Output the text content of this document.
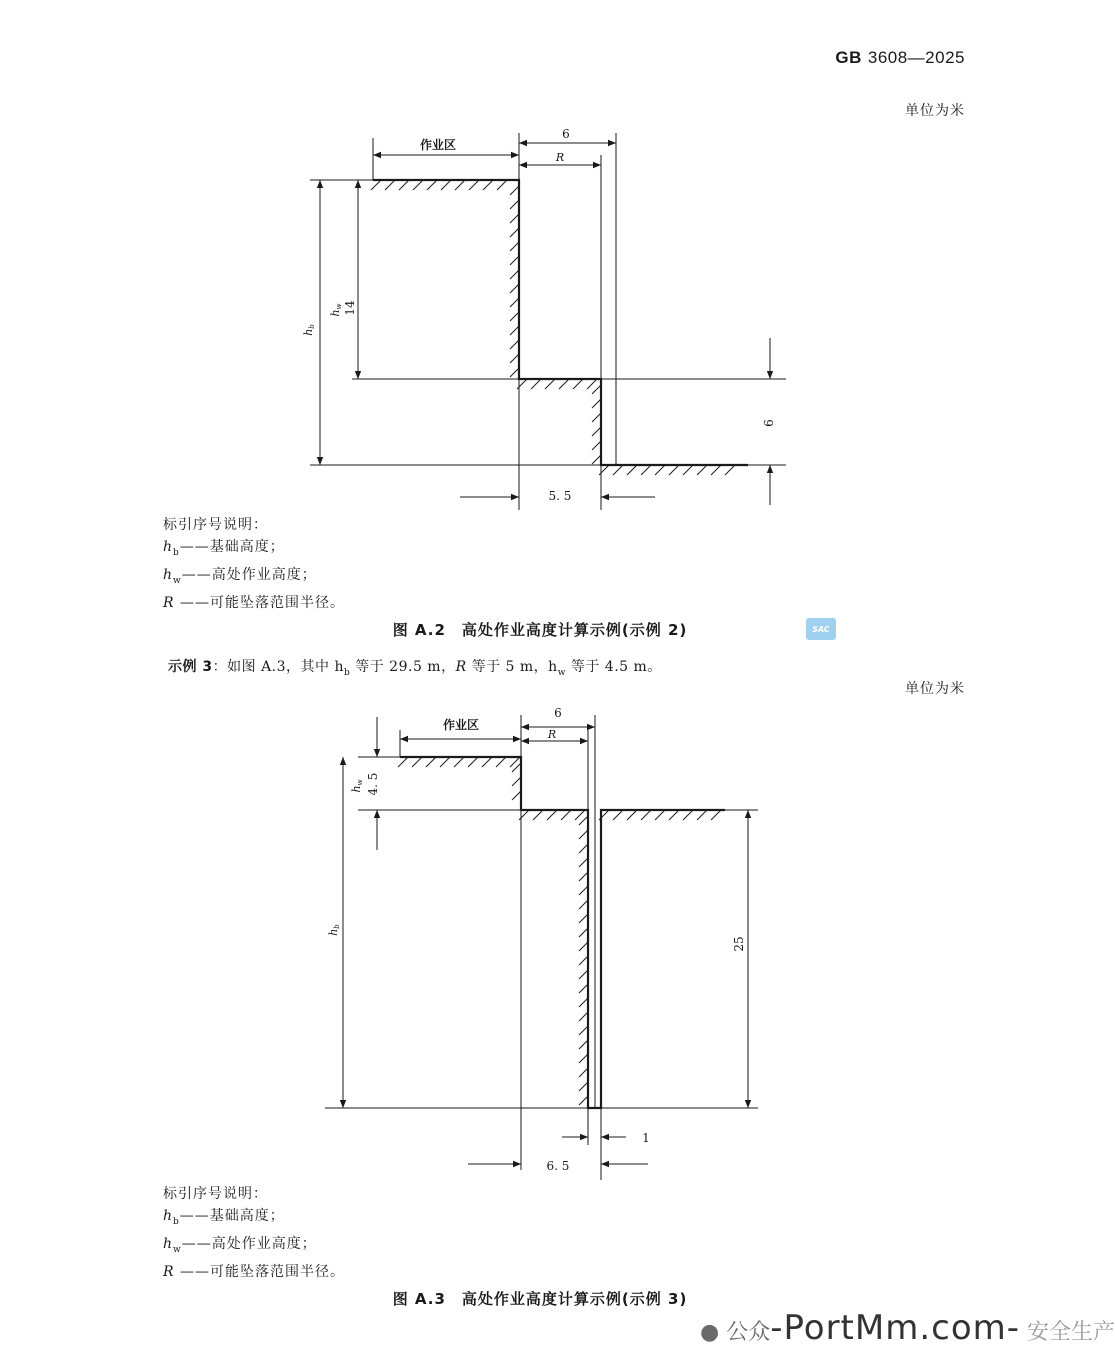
GB 3608—2025
单位为米
作业区
6
R
hb
hw 14
6
5. 5
标引序号说明：
$h_b——$基础高度；
$h_w——$高处作业高度；
R ——可能坠落范围半径。
图 A.2　高处作业高度计算示例(示例 2)	SAC
示例 3：如图 A.3，其中 $h_b$ 等于 29.5 m，R 等于 5 m，$h_w$ 等于 4.5 m。
单位为米
作业区
6
R
hw 4. 5
hb
25
1
6. 5
标引序号说明：
$h_b——$基础高度；
$h_w——$高处作业高度；
R ——可能坠落范围半径。
图 A.3　高处作业高度计算示例(示例 3)
● 公众-PortMm.com- 安全生产
